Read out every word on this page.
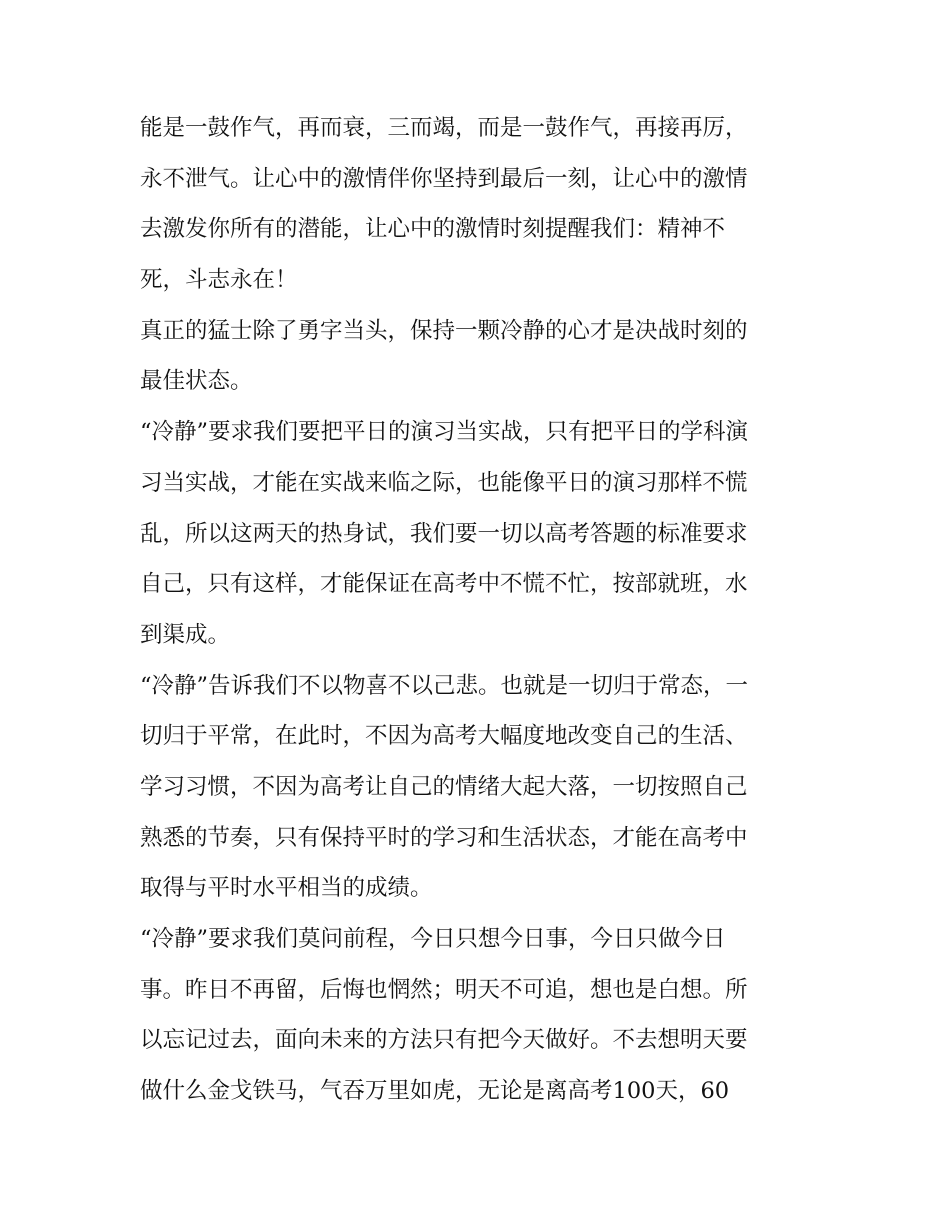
能是一鼓作气，再而衰，三而竭，而是一鼓作气，再接再厉，
永不泄气。让心中的激情伴你坚持到最后一刻，让心中的激情
去激发你所有的潜能，让心中的激情时刻提醒我们：精神不
死，斗志永在！
真正的猛士除了勇字当头，保持一颗冷静的心才是决战时刻的
最佳状态。
“冷静”要求我们要把平日的演习当实战，只有把平日的学科演
习当实战，才能在实战来临之际，也能像平日的演习那样不慌
乱，所以这两天的热身试，我们要一切以高考答题的标准要求
自己，只有这样，才能保证在高考中不慌不忙，按部就班，水
到渠成。
“冷静”告诉我们不以物喜不以己悲。也就是一切归于常态，一
切归于平常，在此时，不因为高考大幅度地改变自己的生活、
学习习惯，不因为高考让自己的情绪大起大落，一切按照自己
熟悉的节奏，只有保持平时的学习和生活状态，才能在高考中
取得与平时水平相当的成绩。
“冷静”要求我们莫问前程，今日只想今日事，今日只做今日
事。昨日不再留，后悔也惘然；明天不可追，想也是白想。所
以忘记过去，面向未来的方法只有把今天做好。不去想明天要
做什么金戈铁马，气吞万里如虎，无论是离高考100天，60
